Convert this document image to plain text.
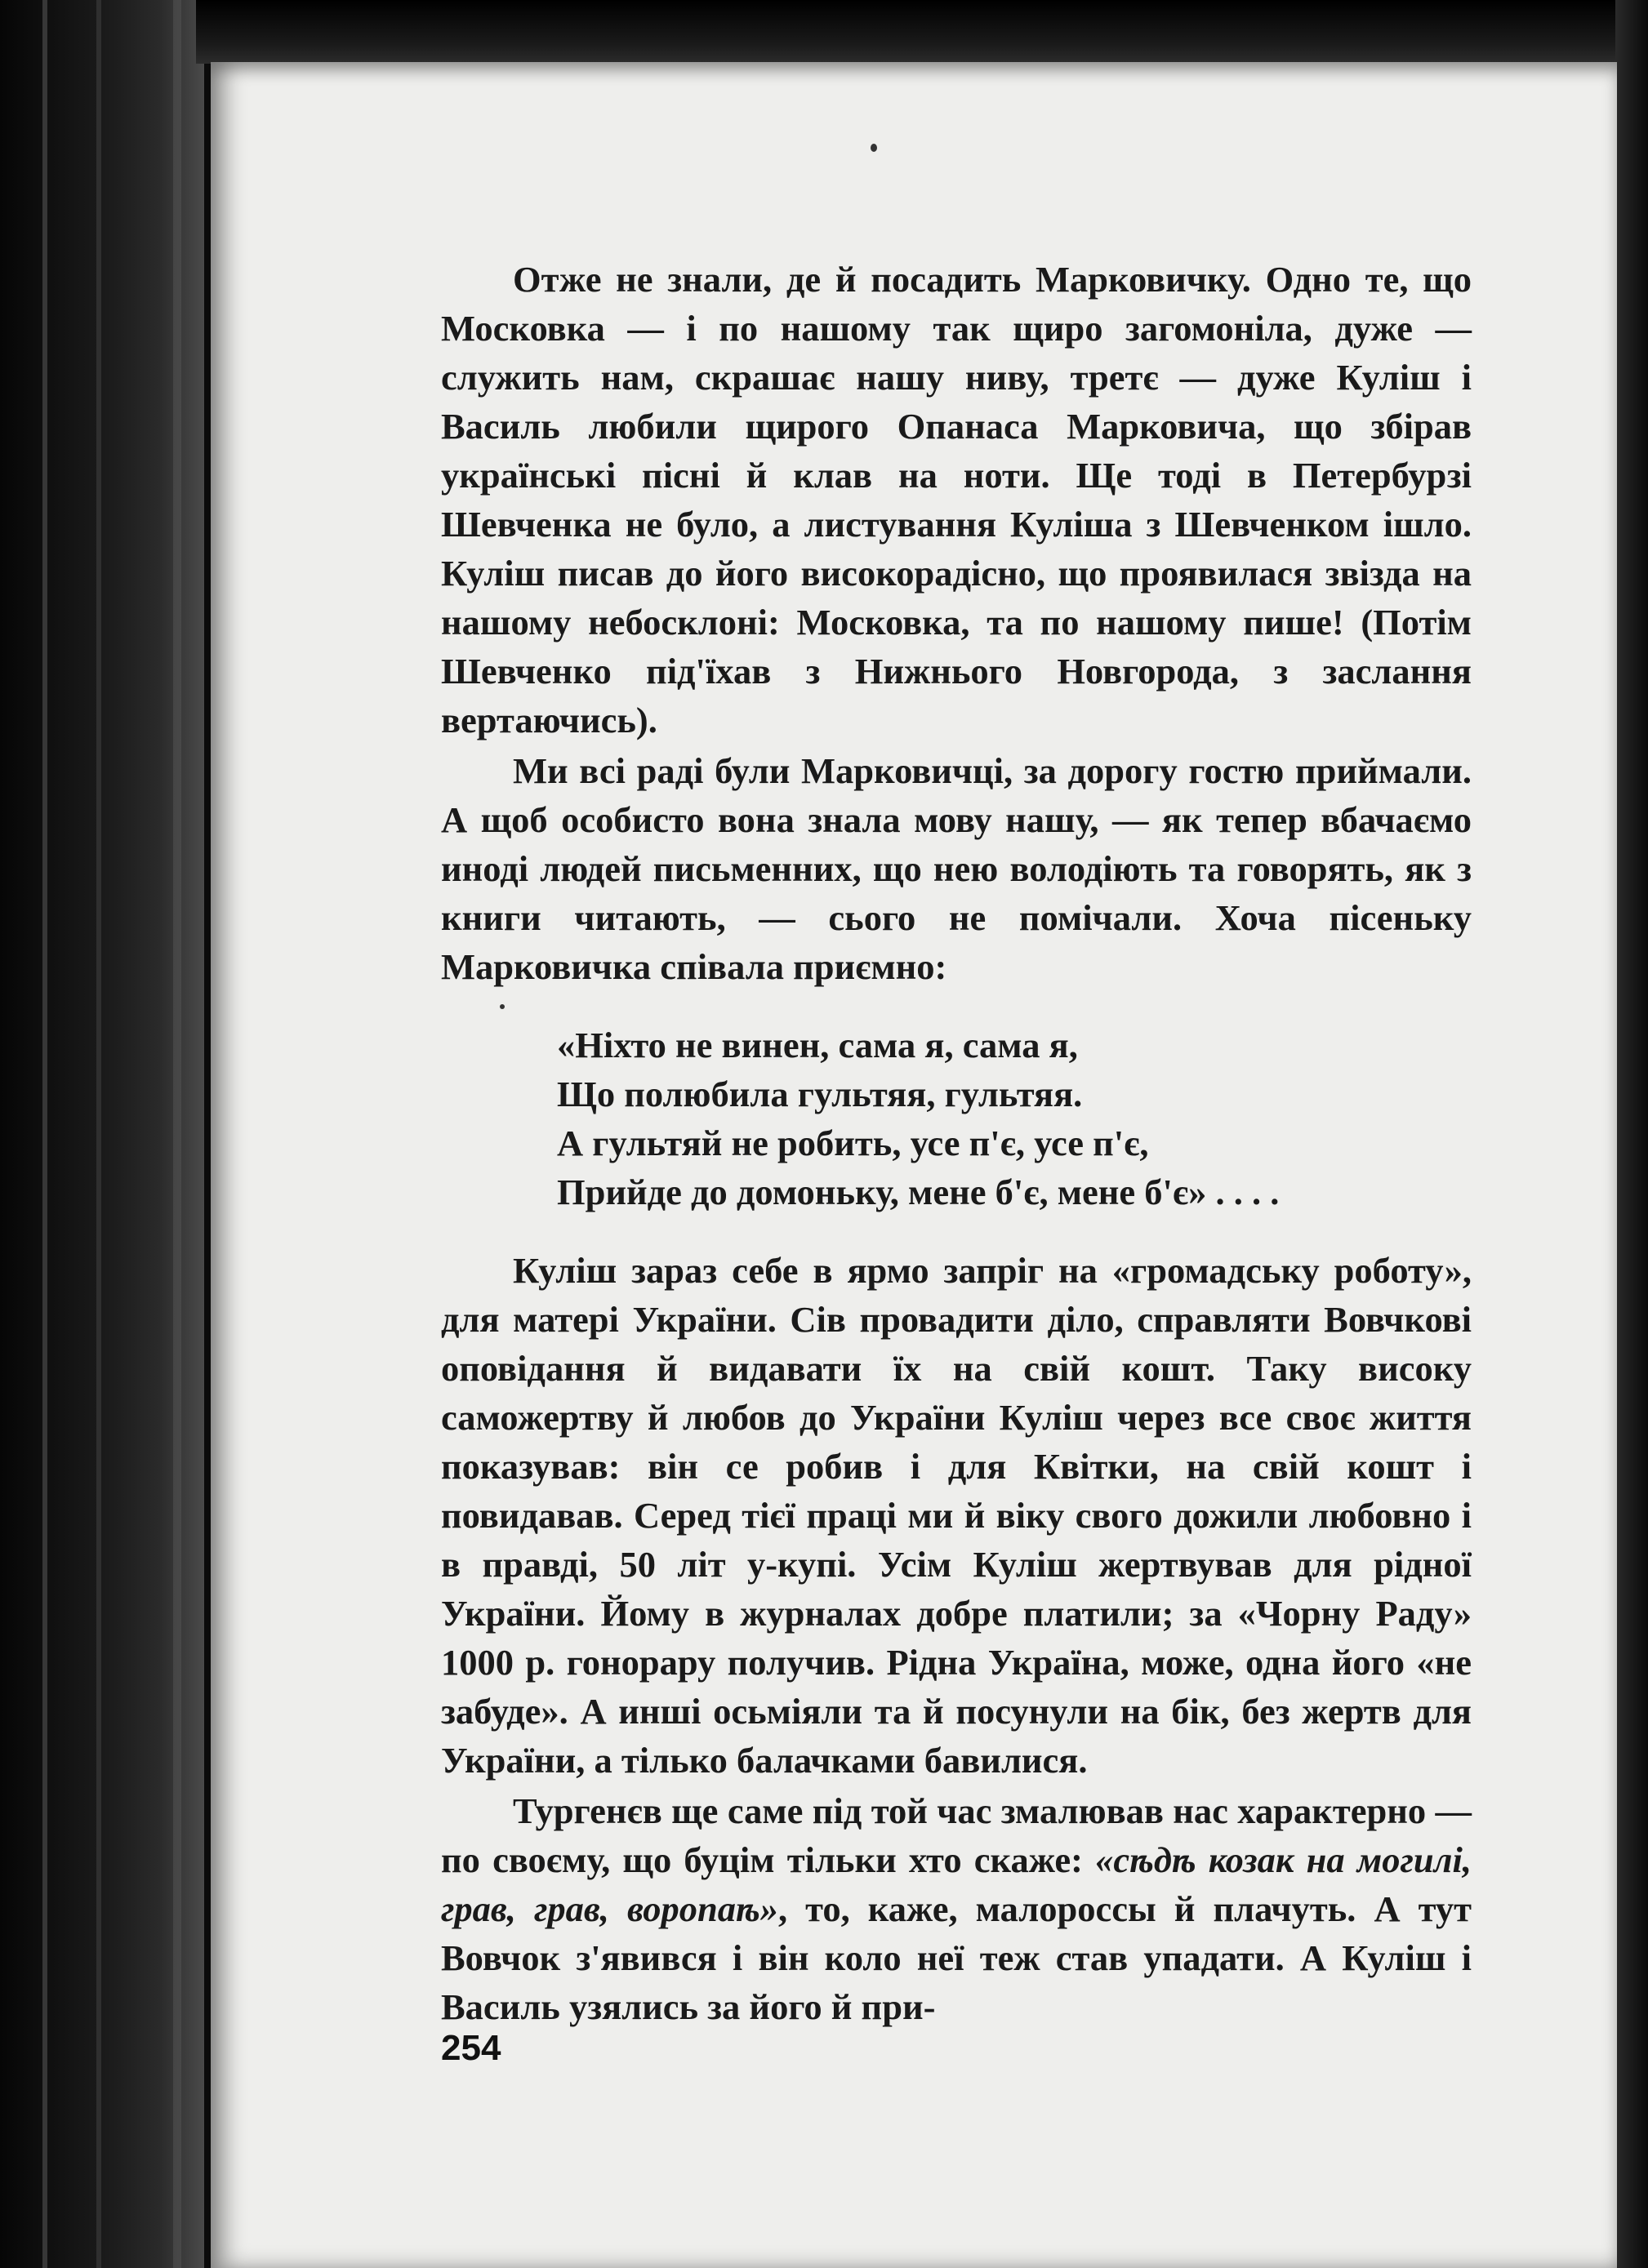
Отже не знали, де й посадить Марковичку. Одно те, що Московка — і по нашому так щиро загомоніла, дуже — служить нам, скрашає нашу ниву, третє — дуже Куліш і Василь любили щирого Опанаса Марковича, що збірав українські пісні й клав на ноти. Ще тоді в Петербурзі Шевченка не було, а листування Куліша з Шевченком ішло. Куліш писав до його високорадісно, що проявилася звізда на нашому небосклоні: Московка, та по нашому пише! (Потім Шевченко під'їхав з Нижнього Новгорода, з заслання вертаючись).

Ми всі раді були Марковичці, за дорогу гостю приймали. А щоб особисто вона знала мову нашу, — як тепер вбачаємо иноді людей письменних, що нею володіють та говорять, як з книги читають, — сього не помічали. Хоча пісеньку Марковичка співала приємно:

«Ніхто не винен, сама я, сама я,
Що полюбила гультяя, гультяя.
А гультяй не робить, усе п'є, усе п'є,
Прийде до домоньку, мене б'є, мене б'є» . . . .

Куліш зараз себе в ярмо запріг на «громадську роботу», для матері України. Сів провадити діло, справляти Вовчкові оповідання й видавати їх на свій кошт. Таку високу саможертву й любов до України Куліш через все своє життя показував: він се робив і для Квітки, на свій кошт і повидавав. Серед тієї праці ми й віку свого дожили любовно і в правді, 50 літ у-купі. Усім Куліш жертвував для рідної України. Йому в журналах добре платили; за «Чорну Раду» 1000 р. гонорару получив. Рідна Україна, може, одна його «не забуде». А инші осьміяли та й посунули на бік, без жертв для України, а тілько балачками бавилися.

Тургенєв ще саме під той час змалював нас характерно — по своєму, що буцім тільки хто скаже: «сѣдѣ козак на могилі, грав, грав, воропаѣ», то, каже, малороссы й плачуть. А тут Вовчок з'явився і він коло неї теж став упадати. А Куліш і Василь узялись за його й при-

254
